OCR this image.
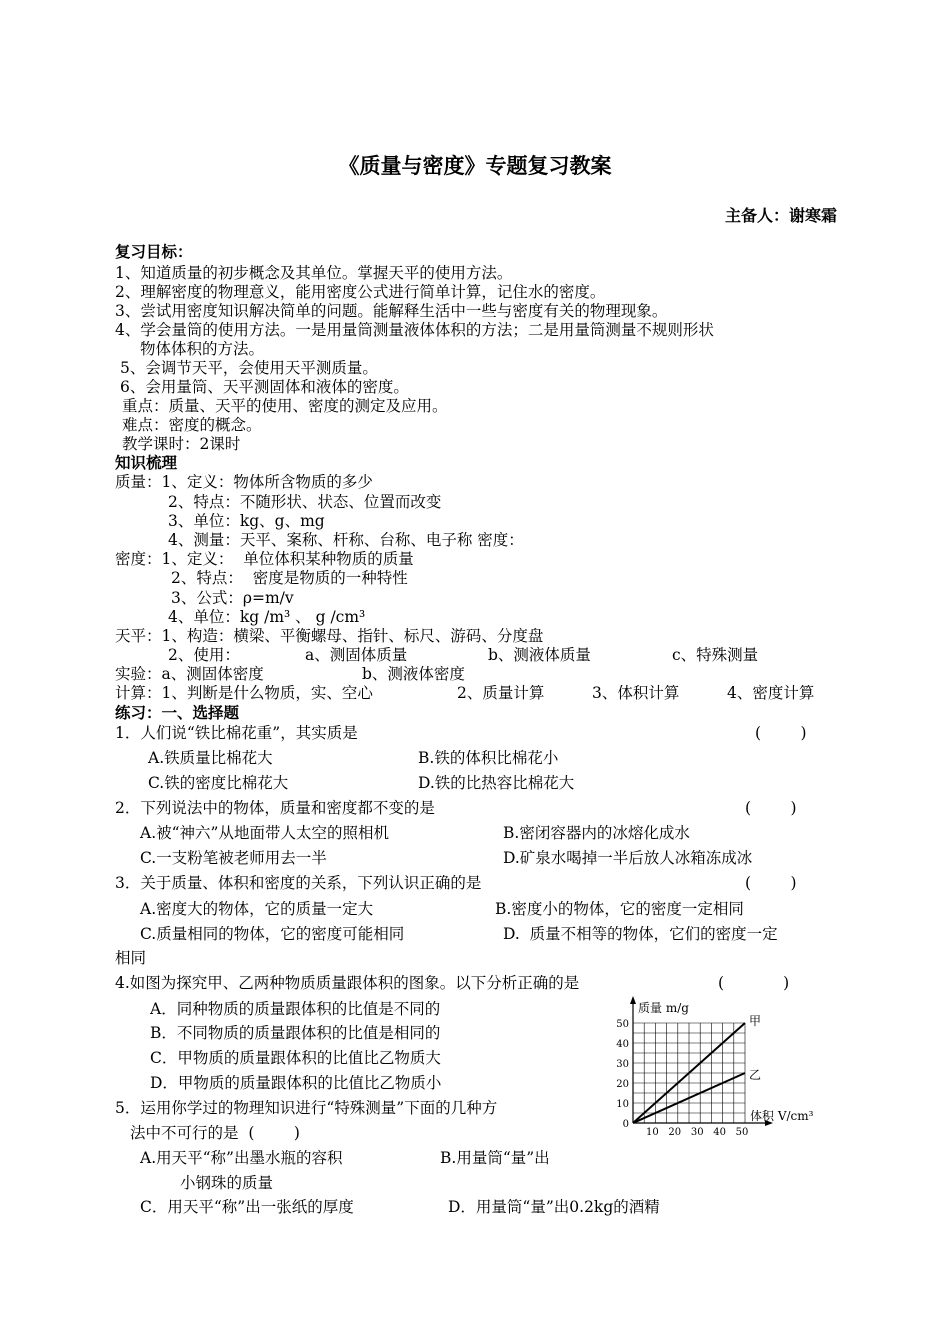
《质量与密度》专题复习教案
主备人：谢寒霜
复习目标：
1、知道质量的初步概念及其单位。掌握天平的使用方法。
2、理解密度的物理意义，能用密度公式进行简单计算，记住水的密度。
3、尝试用密度知识解决简单的问题。能解释生活中一些与密度有关的物理现象。
4、学会量筒的使用方法。一是用量筒测量液体体积的方法；二是用量筒测量不规则形状
物体体积的方法。
5、会调节天平，会使用天平测质量。
6、会用量筒、天平测固体和液体的密度。
重点：质量、天平的使用、密度的测定及应用。
难点：密度的概念。
教学课时：2课时
知识梳理
质量：1、定义：物体所含物质的多少
2、特点：不随形状、状态、位置而改变
3、单位：kg、g、mg
4、测量：天平、案称、杆称、台称、电子称 密度：
密度：1、定义：  单位体积某种物质的质量
2、特点：  密度是物质的一种特性
3、公式：ρ=m/v
4、单位：kg /m³ 、 g /cm³
天平：1、构造：横梁、平衡螺母、指针、标尺、游码、分度盘
2、使用：	a、测固体质量	b、测液体质量	c、特殊测量
实验：a、测固体密度	b、测液体密度
计算：1、判断是什么物质，实、空心	2、质量计算	3、体积计算	4、密度计算
练习：一、选择题
1．人们说“铁比棉花重”，其实质是	(        )
A.铁质量比棉花大	B.铁的体积比棉花小
C.铁的密度比棉花大	D.铁的比热容比棉花大
2．下列说法中的物体，质量和密度都不变的是	(        )
A.被“神六”从地面带人太空的照相机	B.密闭容器内的冰熔化成水
C.一支粉笔被老师用去一半	D.矿泉水喝掉一半后放人冰箱冻成冰
3．关于质量、体积和密度的关系，下列认识正确的是	(        )
A.密度大的物体，它的质量一定大	B.密度小的物体，它的密度一定相同
C.质量相同的物体，它的密度可能相同	D.  质量不相等的物体，它们的密度一定
相同
4.如图为探究甲、乙两种物质质量跟体积的图象。以下分析正确的是	(            )
A．同种物质的质量跟体积的比值是不同的
B．不同物质的质量跟体积的比值是相同的
C．甲物质的质量跟体积的比值比乙物质大
D．甲物质的质量跟体积的比值比乙物质小
5．运用你学过的物理知识进行“特殊测量”下面的几种方
法中不可行的是  (        )
A.用天平“称”出墨水瓶的容积	B.用量筒“量”出
小钢珠的质量
C．用天平“称”出一张纸的厚度	D．用量筒“量”出0.2kg的酒精
甲
乙
0
10
20
30
40
50
10 20 30 40 50
质量 m/g
体积 V/cm³
